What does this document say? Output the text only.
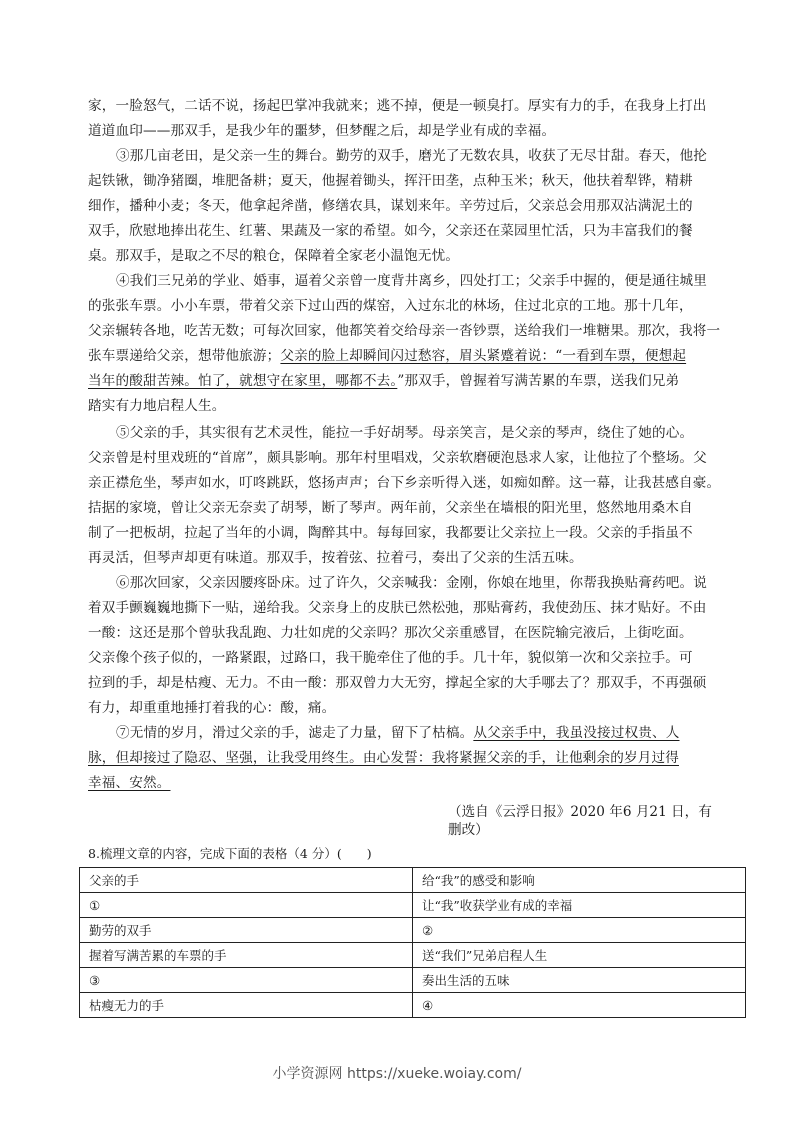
家，一脸怒气，二话不说，扬起巴掌冲我就来；逃不掉，便是一顿臭打。厚实有力的手，在我身上打出
道道血印——那双手，是我少年的噩梦，但梦醒之后，却是学业有成的幸福。
③那几亩老田，是父亲一生的舞台。勤劳的双手，磨光了无数农具，收获了无尽甘甜。春天，他抡
起铁锹，锄净猪圈，堆肥备耕；夏天，他握着锄头，挥汗田垄，点种玉米；秋天，他扶着犁铧，精耕
细作，播种小麦；冬天，他拿起斧凿，修缮农具，谋划来年。辛劳过后，父亲总会用那双沾满泥土的
双手，欣慰地捧出花生、红薯、果蔬及一家的希望。如今，父亲还在菜园里忙活，只为丰富我们的餐
桌。那双手，是取之不尽的粮仓，保障着全家老小温饱无忧。
④我们三兄弟的学业、婚事，逼着父亲曾一度背井离乡，四处打工；父亲手中握的，便是通往城里
的张张车票。小小车票，带着父亲下过山西的煤窑，入过东北的林场，住过北京的工地。那十几年，
父亲辗转各地，吃苦无数；可每次回家，他都笑着交给母亲一沓钞票，送给我们一堆糖果。那次，我将一
张车票递给父亲，想带他旅游；父亲的脸上却瞬间闪过愁容，眉头紧蹙着说：“一看到车票，便想起
当年的酸甜苦辣。怕了，就想守在家里，哪都不去。”那双手，曾握着写满苦累的车票，送我们兄弟
踏实有力地启程人生。
⑤父亲的手，其实很有艺术灵性，能拉一手好胡琴。母亲笑言，是父亲的琴声，绕住了她的心。
父亲曾是村里戏班的“首席”，颇具影响。那年村里唱戏，父亲软磨硬泡恳求人家，让他拉了个整场。父
亲正襟危坐，琴声如水，叮咚跳跃，悠扬声声；台下乡亲听得入迷，如痴如醉。这一幕，让我甚感自豪。
拮据的家境，曾让父亲无奈卖了胡琴，断了琴声。两年前，父亲坐在墙根的阳光里，悠然地用桑木自
制了一把板胡，拉起了当年的小调，陶醉其中。每每回家，我都要让父亲拉上一段。父亲的手指虽不
再灵活，但琴声却更有味道。那双手，按着弦、拉着弓，奏出了父亲的生活五味。
⑥那次回家，父亲因腰疼卧床。过了许久，父亲喊我：金刚，你娘在地里，你帮我换贴膏药吧。说
着双手颤巍巍地撕下一贴，递给我。父亲身上的皮肤已然松弛，那贴膏药，我使劲压、抹才贴好。不由
一酸：这还是那个曾驮我乱跑、力壮如虎的父亲吗？那次父亲重感冒，在医院输完液后，上街吃面。
父亲像个孩子似的，一路紧跟，过路口，我干脆牵住了他的手。几十年，貌似第一次和父亲拉手。可
拉到的手，却是枯瘦、无力。不由一酸：那双曾力大无穷，撑起全家的大手哪去了？那双手，不再强硕
有力，却重重地捶打着我的心：酸，痛。
⑦无情的岁月，滑过父亲的手，滤走了力量，留下了枯槁。从父亲手中，我虽没接过权贵、人
脉，但却接过了隐忍、坚强，让我受用终生。由心发誓：我将紧握父亲的手，让他剩余的岁月过得
幸福、安然。
（选自《云浮日报》2020 年6 月21 日，有
删改）
8.梳理文章的内容，完成下面的表格（4 分）(　　)
父亲的手	给“我”的感受和影响
①	让“我”收获学业有成的幸福
勤劳的双手	②
握着写满苦累的车票的手	送“我们”兄弟启程人生
③	奏出生活的五味
枯瘦无力的手	④
小学资源网 https://xueke.woiay.com/
